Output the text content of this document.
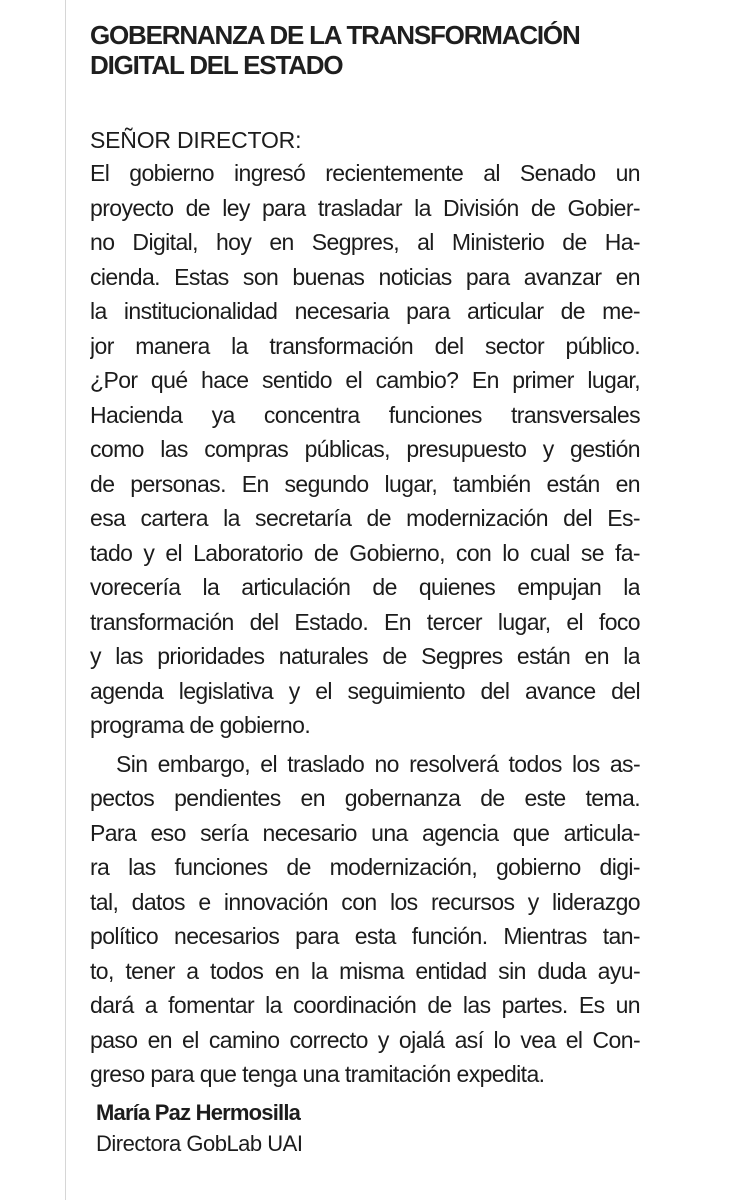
GOBERNANZA DE LA TRANSFORMACIÓN
DIGITAL DEL ESTADO
SEÑOR DIRECTOR:
El gobierno ingresó recientemente al Senado un
proyecto de ley para trasladar la División de Gobier-
no Digital, hoy en Segpres, al Ministerio de Ha-
cienda. Estas son buenas noticias para avanzar en
la institucionalidad necesaria para articular de me-
jor manera la transformación del sector público.
¿Por qué hace sentido el cambio? En primer lugar,
Hacienda ya concentra funciones transversales
como las compras públicas, presupuesto y gestión
de personas. En segundo lugar, también están en
esa cartera la secretaría de modernización del Es-
tado y el Laboratorio de Gobierno, con lo cual se fa-
vorecería la articulación de quienes empujan la
transformación del Estado. En tercer lugar, el foco
y las prioridades naturales de Segpres están en la
agenda legislativa y el seguimiento del avance del
programa de gobierno.
Sin embargo, el traslado no resolverá todos los as-
pectos pendientes en gobernanza de este tema.
Para eso sería necesario una agencia que articula-
ra las funciones de modernización, gobierno digi-
tal, datos e innovación con los recursos y liderazgo
político necesarios para esta función. Mientras tan-
to, tener a todos en la misma entidad sin duda ayu-
dará a fomentar la coordinación de las partes. Es un
paso en el camino correcto y ojalá así lo vea el Con-
greso para que tenga una tramitación expedita.
María Paz Hermosilla
Directora GobLab UAI
